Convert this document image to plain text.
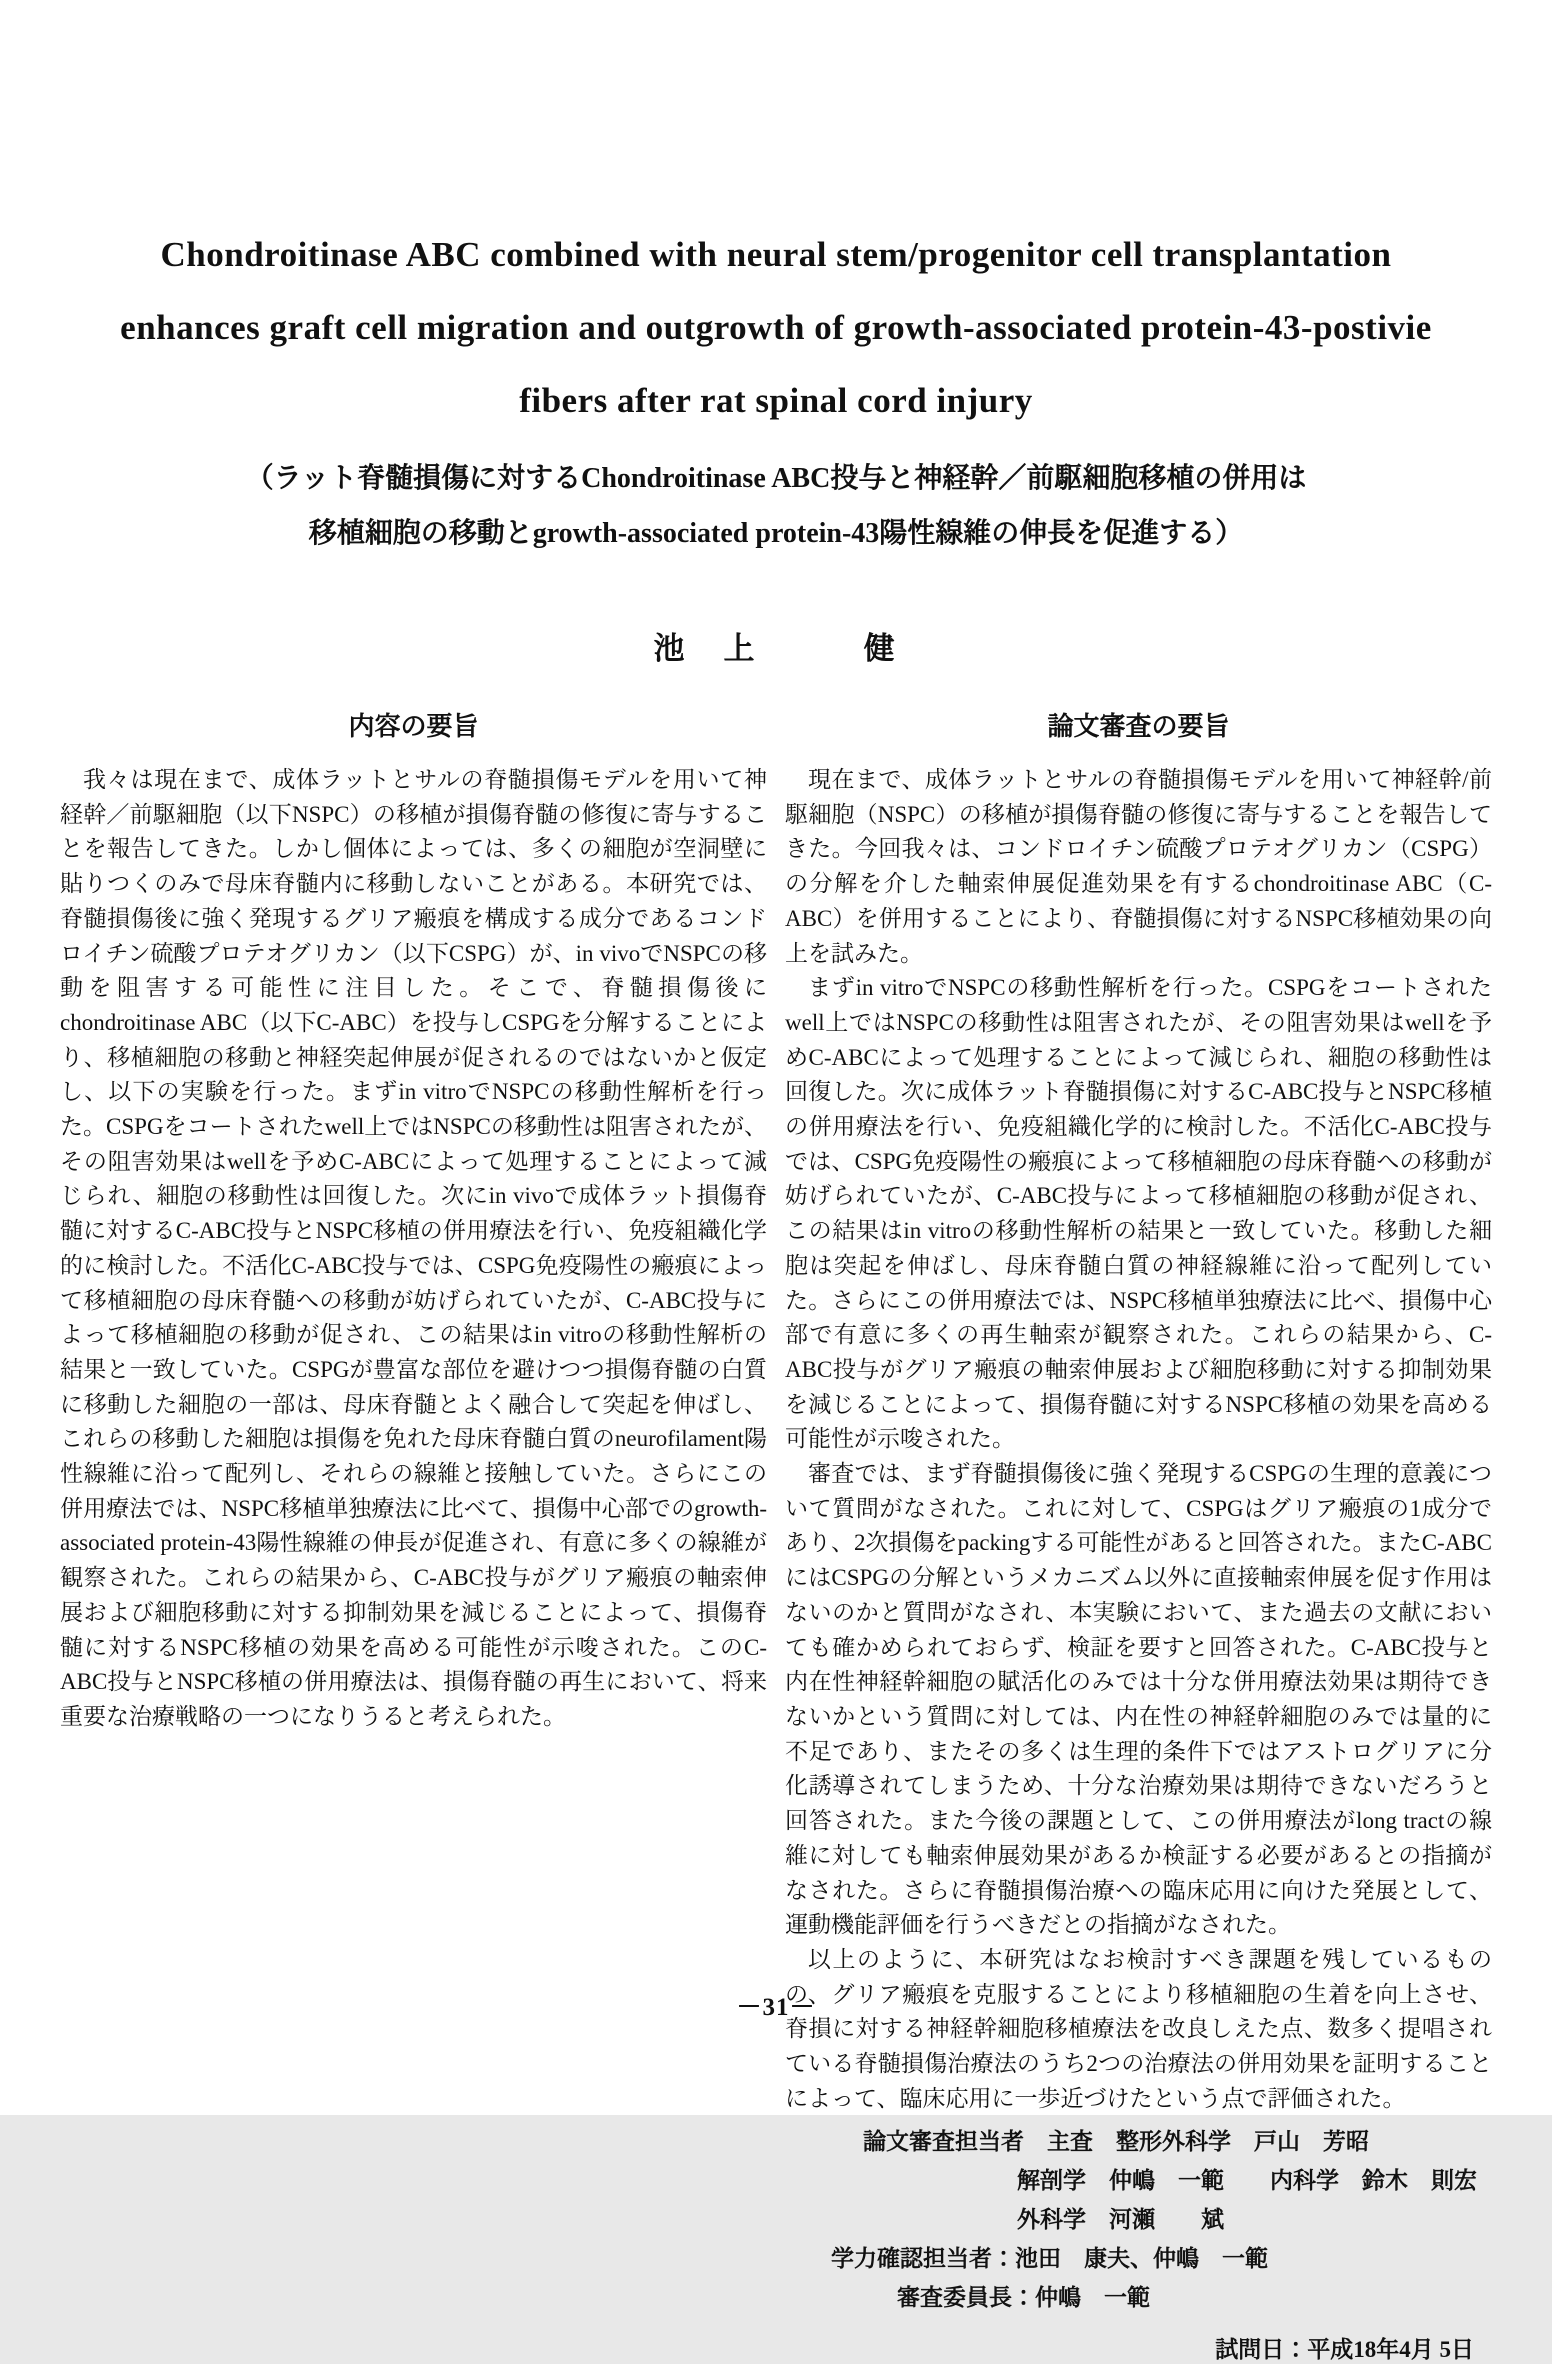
Chondroitinase ABC combined with neural stem/progenitor cell transplantation
enhances graft cell migration and outgrowth of growth-associated protein-43-postivie
fibers after rat spinal cord injury
（ラット脊髄損傷に対するChondroitinase ABC投与と神経幹／前駆細胞移植の併用は
移植細胞の移動とgrowth-associated protein-43陽性線維の伸長を促進する）
池　上　　　健
内容の要旨

我々は現在まで、成体ラットとサルの脊髄損傷モデルを用いて神経幹／前駆細胞（以下NSPC）の移植が損傷脊髄の修復に寄与することを報告してきた。しかし個体によっては、多くの細胞が空洞壁に貼りつくのみで母床脊髄内に移動しないことがある。本研究では、脊髄損傷後に強く発現するグリア瘢痕を構成する成分であるコンドロイチン硫酸プロテオグリカン（以下CSPG）が、in vivoでNSPCの移動を阻害する可能性に注目した。そこで、脊髄損傷後にchondroitinase ABC（以下C-ABC）を投与しCSPGを分解することにより、移植細胞の移動と神経突起伸展が促されるのではないかと仮定し、以下の実験を行った。まずin vitroでNSPCの移動性解析を行った。CSPGをコートされたwell上ではNSPCの移動性は阻害されたが、その阻害効果はwellを予めC-ABCによって処理することによって減じられ、細胞の移動性は回復した。次にin vivoで成体ラット損傷脊髄に対するC-ABC投与とNSPC移植の併用療法を行い、免疫組織化学的に検討した。不活化C-ABC投与では、CSPG免疫陽性の瘢痕によって移植細胞の母床脊髄への移動が妨げられていたが、C-ABC投与によって移植細胞の移動が促され、この結果はin vitroの移動性解析の結果と一致していた。CSPGが豊富な部位を避けつつ損傷脊髄の白質に移動した細胞の一部は、母床脊髄とよく融合して突起を伸ばし、これらの移動した細胞は損傷を免れた母床脊髄白質のneurofilament陽性線維に沿って配列し、それらの線維と接触していた。さらにこの併用療法では、NSPC移植単独療法に比べて、損傷中心部でのgrowth-associated protein-43陽性線維の伸長が促進され、有意に多くの線維が観察された。これらの結果から、C-ABC投与がグリア瘢痕の軸索伸展および細胞移動に対する抑制効果を減じることによって、損傷脊髄に対するNSPC移植の効果を高める可能性が示唆された。このC-ABC投与とNSPC移植の併用療法は、損傷脊髄の再生において、将来重要な治療戦略の一つになりうると考えられた。

論文審査の要旨

現在まで、成体ラットとサルの脊髄損傷モデルを用いて神経幹/前駆細胞（NSPC）の移植が損傷脊髄の修復に寄与することを報告してきた。今回我々は、コンドロイチン硫酸プロテオグリカン（CSPG）の分解を介した軸索伸展促進効果を有するchondroitinase ABC（C-ABC）を併用することにより、脊髄損傷に対するNSPC移植効果の向上を試みた。

まずin vitroでNSPCの移動性解析を行った。CSPGをコートされたwell上ではNSPCの移動性は阻害されたが、その阻害効果はwellを予めC-ABCによって処理することによって減じられ、細胞の移動性は回復した。次に成体ラット脊髄損傷に対するC-ABC投与とNSPC移植の併用療法を行い、免疫組織化学的に検討した。不活化C-ABC投与では、CSPG免疫陽性の瘢痕によって移植細胞の母床脊髄への移動が妨げられていたが、C-ABC投与によって移植細胞の移動が促され、この結果はin vitroの移動性解析の結果と一致していた。移動した細胞は突起を伸ばし、母床脊髄白質の神経線維に沿って配列していた。さらにこの併用療法では、NSPC移植単独療法に比べ、損傷中心部で有意に多くの再生軸索が観察された。これらの結果から、C-ABC投与がグリア瘢痕の軸索伸展および細胞移動に対する抑制効果を減じることによって、損傷脊髄に対するNSPC移植の効果を高める可能性が示唆された。

審査では、まず脊髄損傷後に強く発現するCSPGの生理的意義について質問がなされた。これに対して、CSPGはグリア瘢痕の1成分であり、2次損傷をpackingする可能性があると回答された。またC-ABCにはCSPGの分解というメカニズム以外に直接軸索伸展を促す作用はないのかと質問がなされ、本実験において、また過去の文献においても確かめられておらず、検証を要すと回答された。C-ABC投与と内在性神経幹細胞の賦活化のみでは十分な併用療法効果は期待できないかという質問に対しては、内在性の神経幹細胞のみでは量的に不足であり、またその多くは生理的条件下ではアストログリアに分化誘導されてしまうため、十分な治療効果は期待できないだろうと回答された。また今後の課題として、この併用療法がlong tractの線維に対しても軸索伸展効果があるか検証する必要があるとの指摘がなされた。さらに脊髄損傷治療への臨床応用に向けた発展として、運動機能評価を行うべきだとの指摘がなされた。

以上のように、本研究はなお検討すべき課題を残しているものの、グリア瘢痕を克服することにより移植細胞の生着を向上させ、脊損に対する神経幹細胞移植療法を改良しえた点、数多く提唱されている脊髄損傷治療法のうち2つの治療法の併用効果を証明することによって、臨床応用に一歩近づけたという点で評価された。

論文審査担当者　主査　整形外科学　戸山　芳昭
解剖学　仲嶋　一範　　内科学　鈴木　則宏
外科学　河瀬　　斌
学力確認担当者：池田　康夫、仲嶋　一範
審査委員長：仲嶋　一範
試問日：平成18年4月 5日
－31－
